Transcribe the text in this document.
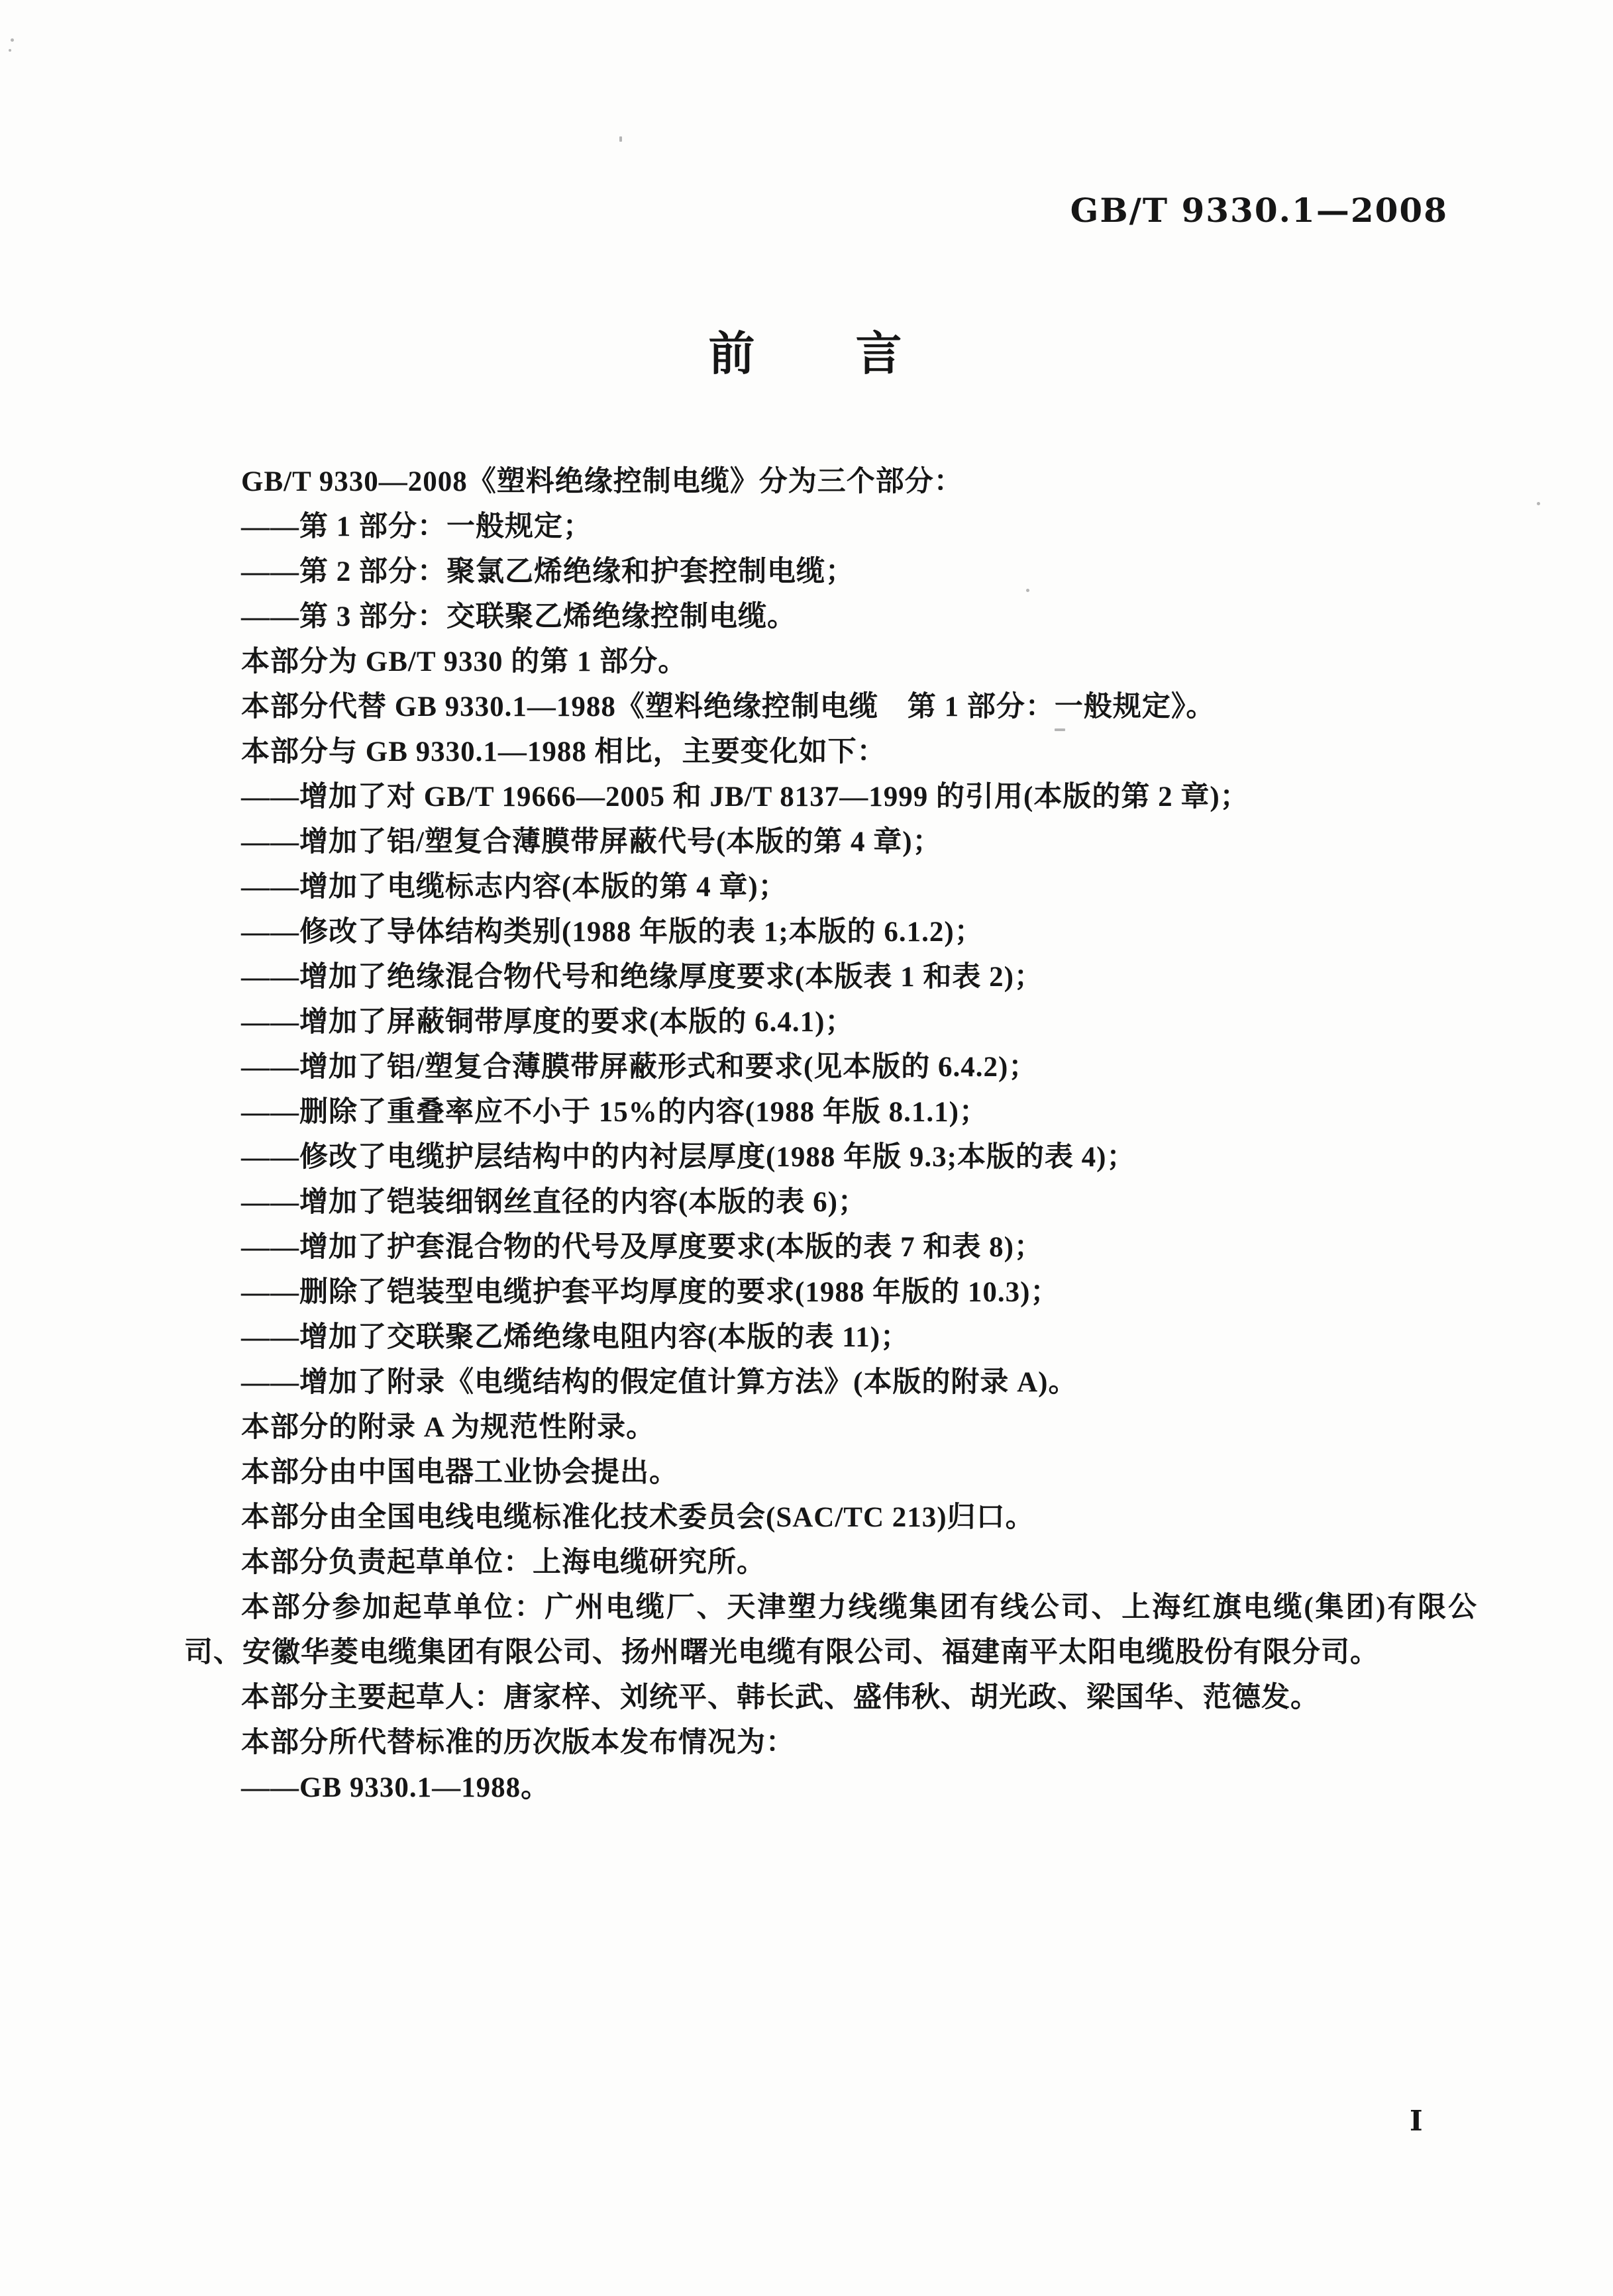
GB/T 9330.1—2008
前　　言

GB/T 9330—2008《塑料绝缘控制电缆》分为三个部分：

——第 1 部分：一般规定；

——第 2 部分：聚氯乙烯绝缘和护套控制电缆；

——第 3 部分：交联聚乙烯绝缘控制电缆。

本部分为 GB/T 9330 的第 1 部分。

本部分代替 GB 9330.1—1988《塑料绝缘控制电缆　第 1 部分：一般规定》。

本部分与 GB 9330.1—1988 相比，主要变化如下：

——增加了对 GB/T 19666—2005 和 JB/T 8137—1999 的引用(本版的第 2 章)；

——增加了铝/塑复合薄膜带屏蔽代号(本版的第 4 章)；

——增加了电缆标志内容(本版的第 4 章)；

——修改了导体结构类别(1988 年版的表 1;本版的 6.1.2)；

——增加了绝缘混合物代号和绝缘厚度要求(本版表 1 和表 2)；

——增加了屏蔽铜带厚度的要求(本版的 6.4.1)；

——增加了铝/塑复合薄膜带屏蔽形式和要求(见本版的 6.4.2)；

——删除了重叠率应不小于 15%的内容(1988 年版 8.1.1)；

——修改了电缆护层结构中的内衬层厚度(1988 年版 9.3;本版的表 4)；

——增加了铠装细钢丝直径的内容(本版的表 6)；

——增加了护套混合物的代号及厚度要求(本版的表 7 和表 8)；

——删除了铠装型电缆护套平均厚度的要求(1988 年版的 10.3)；

——增加了交联聚乙烯绝缘电阻内容(本版的表 11)；

——增加了附录《电缆结构的假定值计算方法》(本版的附录 A)。

本部分的附录 A 为规范性附录。

本部分由中国电器工业协会提出。

本部分由全国电线电缆标准化技术委员会(SAC/TC 213)归口。

本部分负责起草单位：上海电缆研究所。

本部分参加起草单位：广州电缆厂、天津塑力线缆集团有线公司、上海红旗电缆(集团)有限公司、安徽华菱电缆集团有限公司、扬州曙光电缆有限公司、福建南平太阳电缆股份有限分司。

本部分主要起草人：唐家梓、刘统平、韩长武、盛伟秋、胡光政、梁国华、范德发。

本部分所代替标准的历次版本发布情况为：

——GB 9330.1—1988。

I
